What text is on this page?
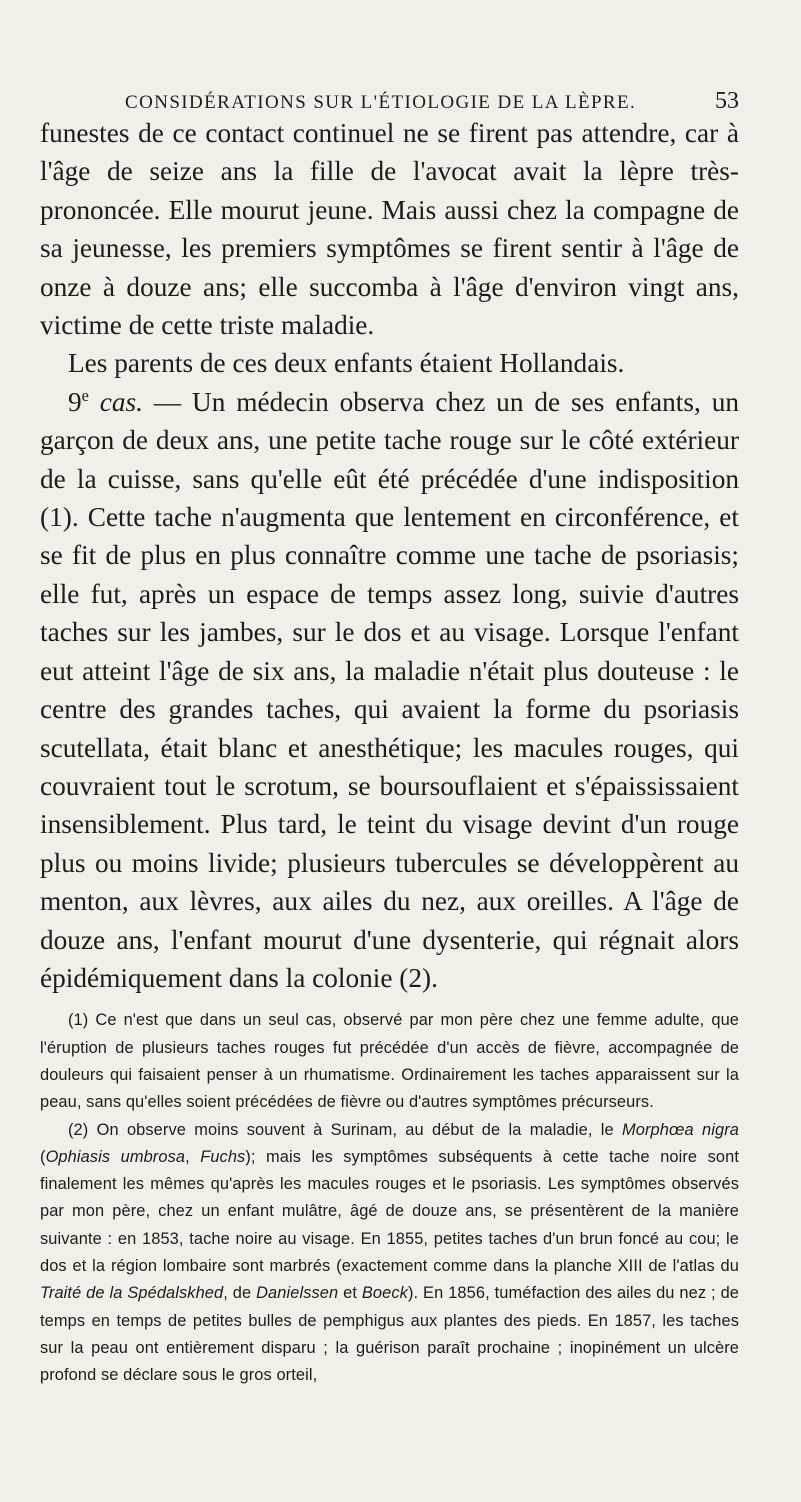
CONSIDÉRATIONS SUR L'ÉTIOLOGIE DE LA LÈPRE.	53

funestes de ce contact continuel ne se firent pas attendre, car à l'âge de seize ans la fille de l'avocat avait la lèpre très-prononcée. Elle mourut jeune. Mais aussi chez la compagne de sa jeunesse, les premiers symptômes se firent sentir à l'âge de onze à douze ans; elle succomba à l'âge d'environ vingt ans, victime de cette triste maladie.

Les parents de ces deux enfants étaient Hollandais.

9e cas. — Un médecin observa chez un de ses enfants, un garçon de deux ans, une petite tache rouge sur le côté extérieur de la cuisse, sans qu'elle eût été précédée d'une indisposition (1). Cette tache n'augmenta que lentement en circonférence, et se fit de plus en plus connaître comme une tache de psoriasis; elle fut, après un espace de temps assez long, suivie d'autres taches sur les jambes, sur le dos et au visage. Lorsque l'enfant eut atteint l'âge de six ans, la maladie n'était plus douteuse : le centre des grandes taches, qui avaient la forme du psoriasis scutellata, était blanc et anesthétique; les macules rouges, qui couvraient tout le scrotum, se boursouflaient et s'épaississaient insensiblement. Plus tard, le teint du visage devint d'un rouge plus ou moins livide; plusieurs tubercules se développèrent au menton, aux lèvres, aux ailes du nez, aux oreilles. A l'âge de douze ans, l'enfant mourut d'une dysenterie, qui régnait alors épidémiquement dans la colonie (2).

(1) Ce n'est que dans un seul cas, observé par mon père chez une femme adulte, que l'éruption de plusieurs taches rouges fut précédée d'un accès de fièvre, accompagnée de douleurs qui faisaient penser à un rhumatisme. Ordinairement les taches apparaissent sur la peau, sans qu'elles soient précédées de fièvre ou d'autres symptômes précurseurs.

(2) On observe moins souvent à Surinam, au début de la maladie, le Morphœa nigra (Ophiasis umbrosa, Fuchs); mais les symptômes subséquents à cette tache noire sont finalement les mêmes qu'après les macules rouges et le psoriasis. Les symptômes observés par mon père, chez un enfant mulâtre, âgé de douze ans, se présentèrent de la manière suivante : en 1853, tache noire au visage. En 1855, petites taches d'un brun foncé au cou; le dos et la région lombaire sont marbrés (exactement comme dans la planche XIII de l'atlas du Traité de la Spédalskhed, de Danielssen et Boeck). En 1856, tuméfaction des ailes du nez ; de temps en temps de petites bulles de pemphigus aux plantes des pieds. En 1857, les taches sur la peau ont entièrement disparu ; la guérison paraît prochaine ; inopinément un ulcère profond se déclare sous le gros orteil,
